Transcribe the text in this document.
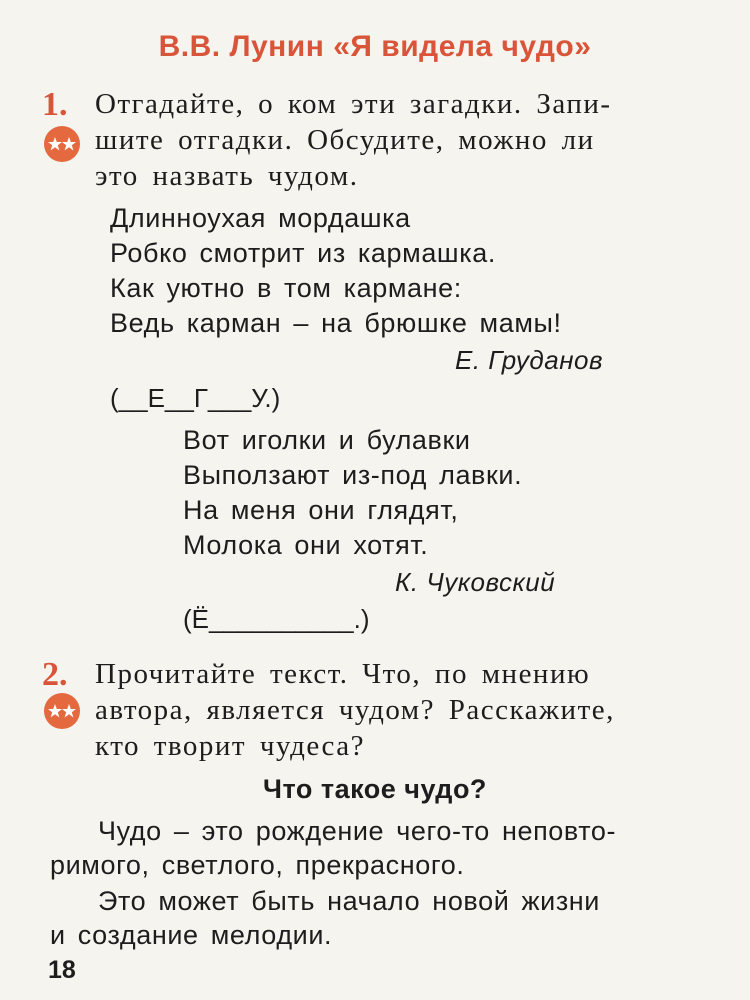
В.В. Лунин «Я видела чудо»
1. Отгадайте, о ком эти загадки. Запи-
шите отгадки. Обсудите, можно ли
это назвать чудом.
Длинноухая мордашка
Робко смотрит из кармашка.
Как уютно в том кармане:
Ведь карман – на брюшке мамы!
Е. Груданов
(__Е__Г___У.)
Вот иголки и булавки
Выползают из-под лавки.
На меня они глядят,
Молока они хотят.
К. Чуковский
(Ё__________.)
2. Прочитайте текст. Что, по мнению
автора, является чудом? Расскажите,
кто творит чудеса?
Что такое чудо?
Чудо – это рождение чего-то неповто-
римого, светлого, прекрасного.
Это может быть начало новой жизни
и создание мелодии.
18
